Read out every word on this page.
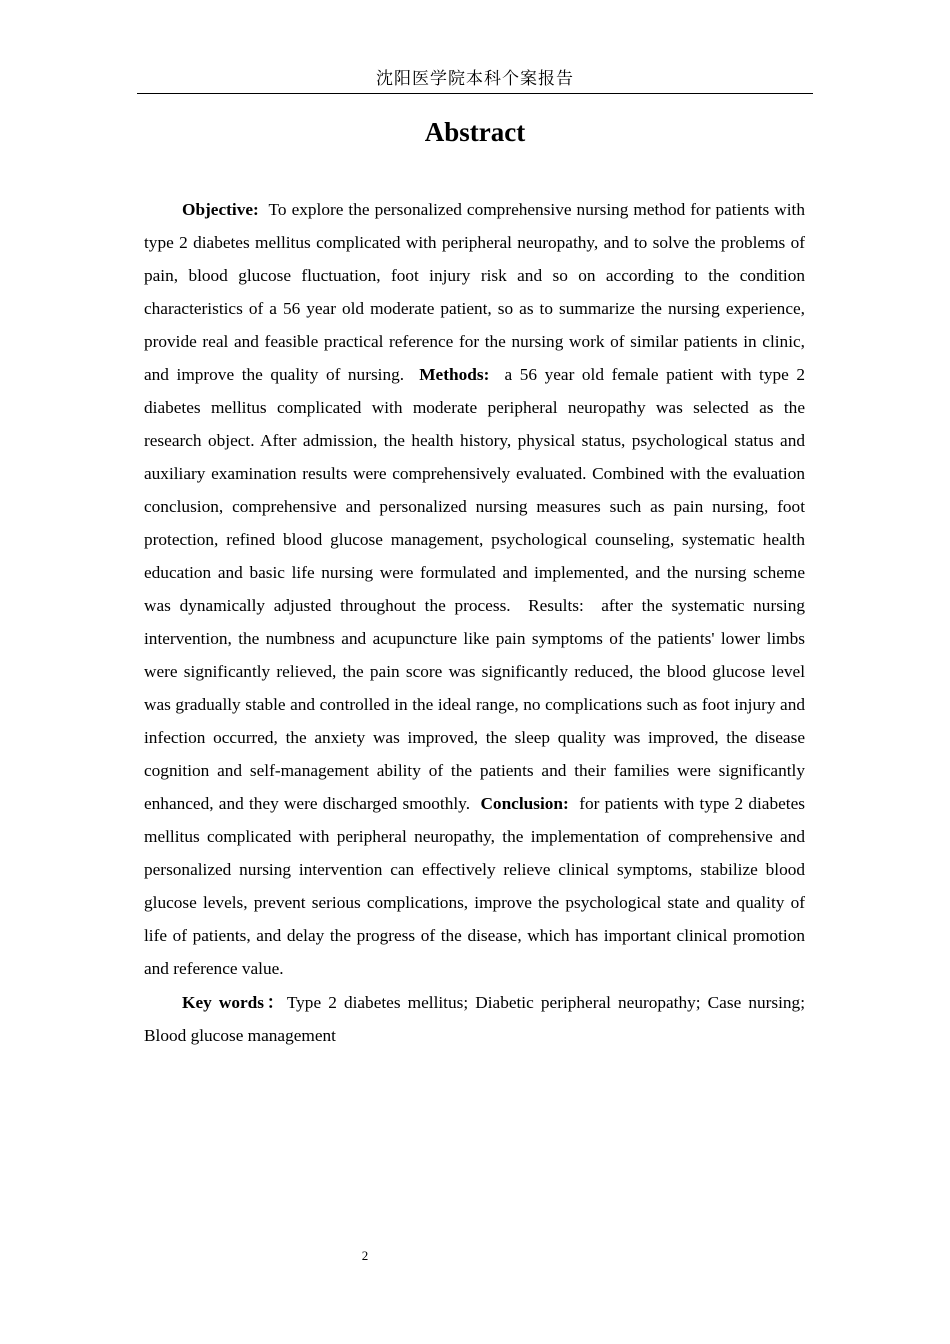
沈阳医学院本科个案报告
Abstract

Objective: To explore the personalized comprehensive nursing method for patients with type 2 diabetes mellitus complicated with peripheral neuropathy, and to solve the problems of pain, blood glucose fluctuation, foot injury risk and so on according to the condition characteristics of a 56 year old moderate patient, so as to summarize the nursing experience, provide real and feasible practical reference for the nursing work of similar patients in clinic, and improve the quality of nursing. Methods: a 56 year old female patient with type 2 diabetes mellitus complicated with moderate peripheral neuropathy was selected as the research object. After admission, the health history, physical status, psychological status and auxiliary examination results were comprehensively evaluated. Combined with the evaluation conclusion, comprehensive and personalized nursing measures such as pain nursing, foot protection, refined blood glucose management, psychological counseling, systematic health education and basic life nursing were formulated and implemented, and the nursing scheme was dynamically adjusted throughout the process. Results: after the systematic nursing intervention, the numbness and acupuncture like pain symptoms of the patients' lower limbs were significantly relieved, the pain score was significantly reduced, the blood glucose level was gradually stable and controlled in the ideal range, no complications such as foot injury and infection occurred, the anxiety was improved, the sleep quality was improved, the disease cognition and self-management ability of the patients and their families were significantly enhanced, and they were discharged smoothly. Conclusion: for patients with type 2 diabetes mellitus complicated with peripheral neuropathy, the implementation of comprehensive and personalized nursing intervention can effectively relieve clinical symptoms, stabilize blood glucose levels, prevent serious complications, improve the psychological state and quality of life of patients, and delay the progress of the disease, which has important clinical promotion and reference value.

Key words：Type 2 diabetes mellitus; Diabetic peripheral neuropathy; Case nursing; Blood glucose management

2
